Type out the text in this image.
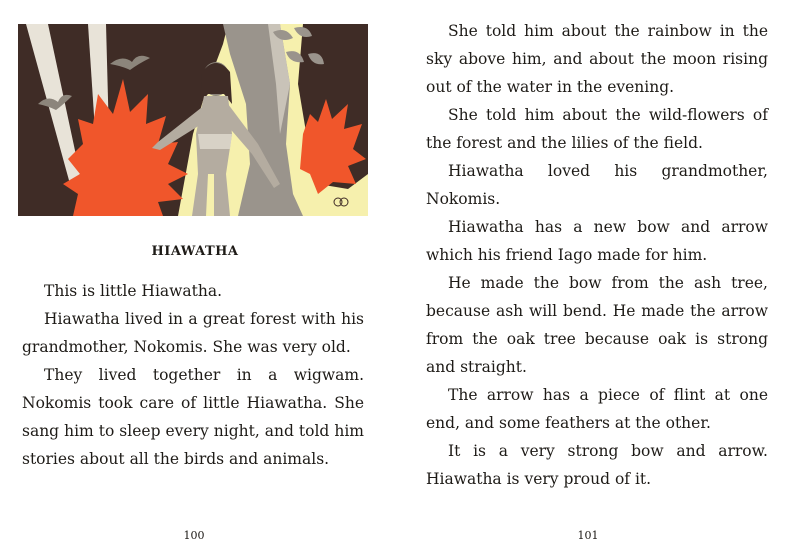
HIAWATHA

This is little Hiawatha.

Hiawatha lived in a great forest with his grandmother, Nokomis. She was very old.

They lived together in a wigwam. Nokomis took care of little Hiawatha. She sang him to sleep every night, and told him stories about all the birds and animals.

100

She told him about the rainbow in the sky above him, and about the moon rising out of the water in the evening.

She told him about the wild-flowers of the forest and the lilies of the field.

Hiawatha loved his grandmother, Nokomis.

Hiawatha has a new bow and arrow which his friend Iago made for him.

He made the bow from the ash tree, because ash will bend. He made the arrow from the oak tree because oak is strong and straight.

The arrow has a piece of flint at one end, and some feathers at the other.

It is a very strong bow and arrow. Hiawatha is very proud of it.

101
